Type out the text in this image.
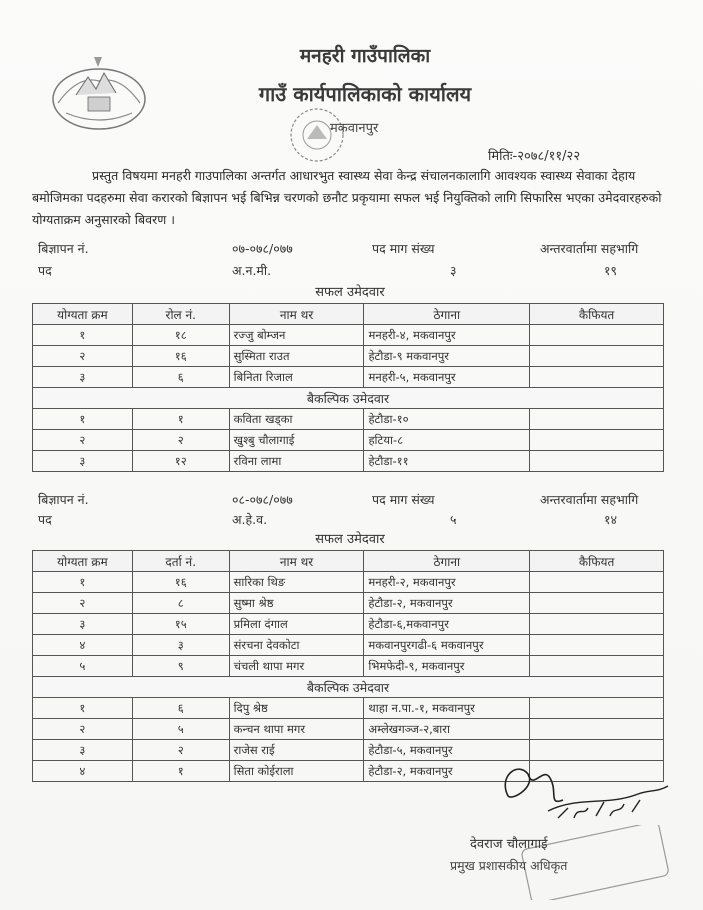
मनहरी गाउँपालिका
गाउँ कार्यपालिकाको कार्यालय
मकवानपुर
मितिः-२०७८/११/२२
प्रस्तुत विषयमा मनहरी गाउपालिका अन्तर्गत आधारभुत स्वास्थ्य सेवा केन्द्र संचालनकालागि आवश्यक स्वास्थ्य सेवाका देहाय बमोजिमका पदहरुमा सेवा करारको बिज्ञापन भई बिभिन्न चरणको छनौट प्रकृयामा सफल भई नियुक्तिको लागि सिफारिस भएका उमेदवारहरुको योग्यताक्रम अनुसारको बिवरण ।
बिज्ञापन नं.	०७-०७८/०७७	पद माग संख्य	अन्तरवार्तामा सहभागि
पद	अ.न.मी.	३	१९
सफल उमेदवार
योग्यता क्रम	रोल नं.	नाम थर	ठेगाना	कैफियत
१	१८	रज्जु बोम्जन	मनहरी-४, मकवानपुर	
२	१६	सुस्मिता राउत	हेटौडा-९ मकवानपुर	
३	६	बिनिता रिजाल	मनहरी-५, मकवानपुर	
बैकल्पिक उमेदवार				
१	१	कविता खड्का	हेटौडा-१०	
२	२	खुश्बु चौलागाई	हटिया-८	
३	१२	रविना लामा	हेटौडा-११	
बिज्ञापन नं.	०८-०७८/०७७	पद माग संख्य	अन्तरवार्तामा सहभागि
पद	अ.हे.व.	५	१४
सफल उमेदवार
योग्यता क्रम	दर्ता नं.	नाम थर	ठेगाना	कैफियत
१	१६	सारिका थिङ	मनहरी-२, मकवानपुर	
२	८	सुष्मा श्रेष्ठ	हेटौडा-२, मकवानपुर	
३	१५	प्रमिला दंगाल	हेटौडा-६,मकवानपुर	
४	३	संरचना देवकोटा	मकवानपुरगढी-६ मकवानपुर	
५	९	चंचली थापा मगर	भिमफेदी-९, मकवानपुर	
बैकल्पिक उमेदवार				
१	६	दिपु श्रेष्ठ	थाहा न.पा.-१, मकवानपुर	
२	५	कन्चन थापा मगर	अम्लेखगञ्ज-२,बारा	
३	२	राजेस राई	हेटौडा-५, मकवानपुर	
४	१	सिता कोईराला	हेटौडा-२, मकवानपुर	
देवराज चौलागाई
प्रमुख प्रशासकीय अधिकृत
